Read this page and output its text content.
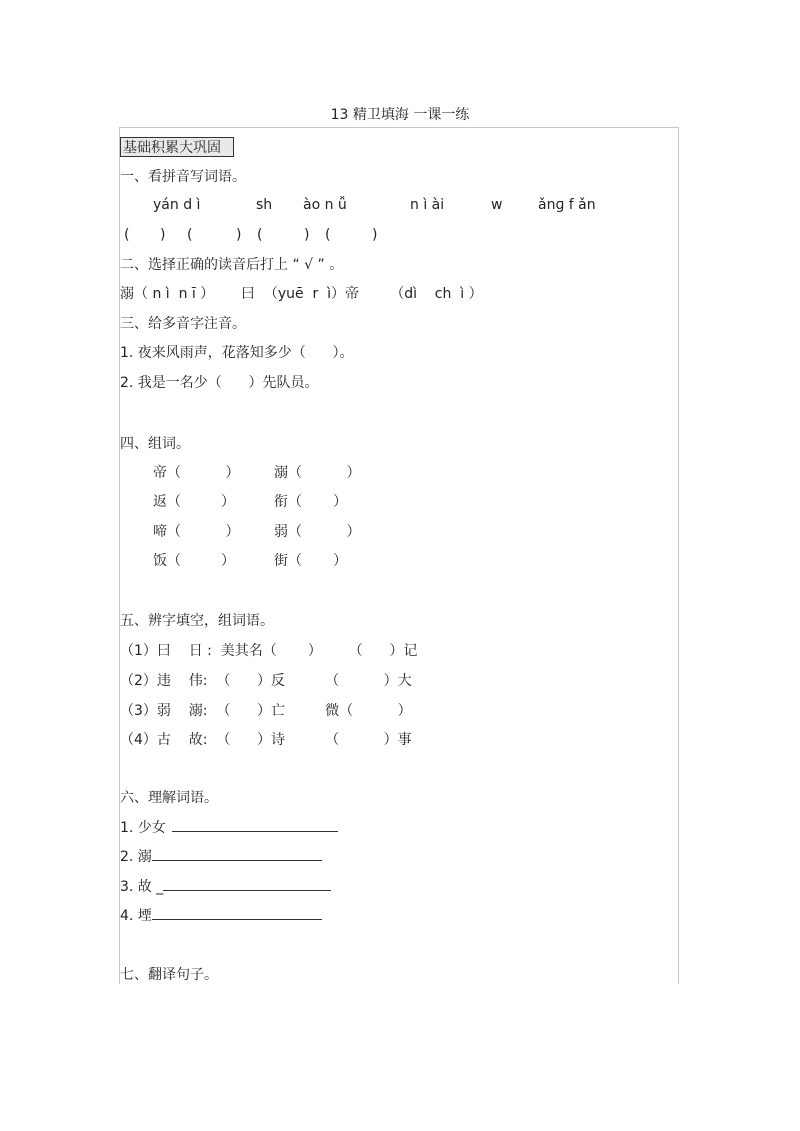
13 精卫填海 一课一练
基础积累大巩固
一、看拼音写词语。
yán d ì	sh ào n ǚ	n ì ài	w	ǎnɡ f ǎn
( ) (	) (	) (	)
二、选择正确的读音后打上 “ √ ” 。
溺（ n ì  n ī ）      曰  （yuē  r  ì）帝       （dì    ch  ì ）
三、给多音字注音。
1. 夜来风雨声，花落知多少（      ）。
2. 我是一名少（      ）先队员。
四、组词。
帝（          ） 溺（          ）
返（         ）	衔（       ）
啼（          ） 弱（          ）
饭（         ）	街（       ）
五、辨字填空，组词语。
（1）曰    日 :  美其名（       ）      （      ）记
（2）违    伟:  （      ）反         （          ）大
（3）弱    溺:  （      ）亡         微（          ）
（4）古    故:  （      ）诗         （          ）事
六、理解词语。
1. 少女
2. 溺
3. 故 _
4. 堙
七、翻译句子。
